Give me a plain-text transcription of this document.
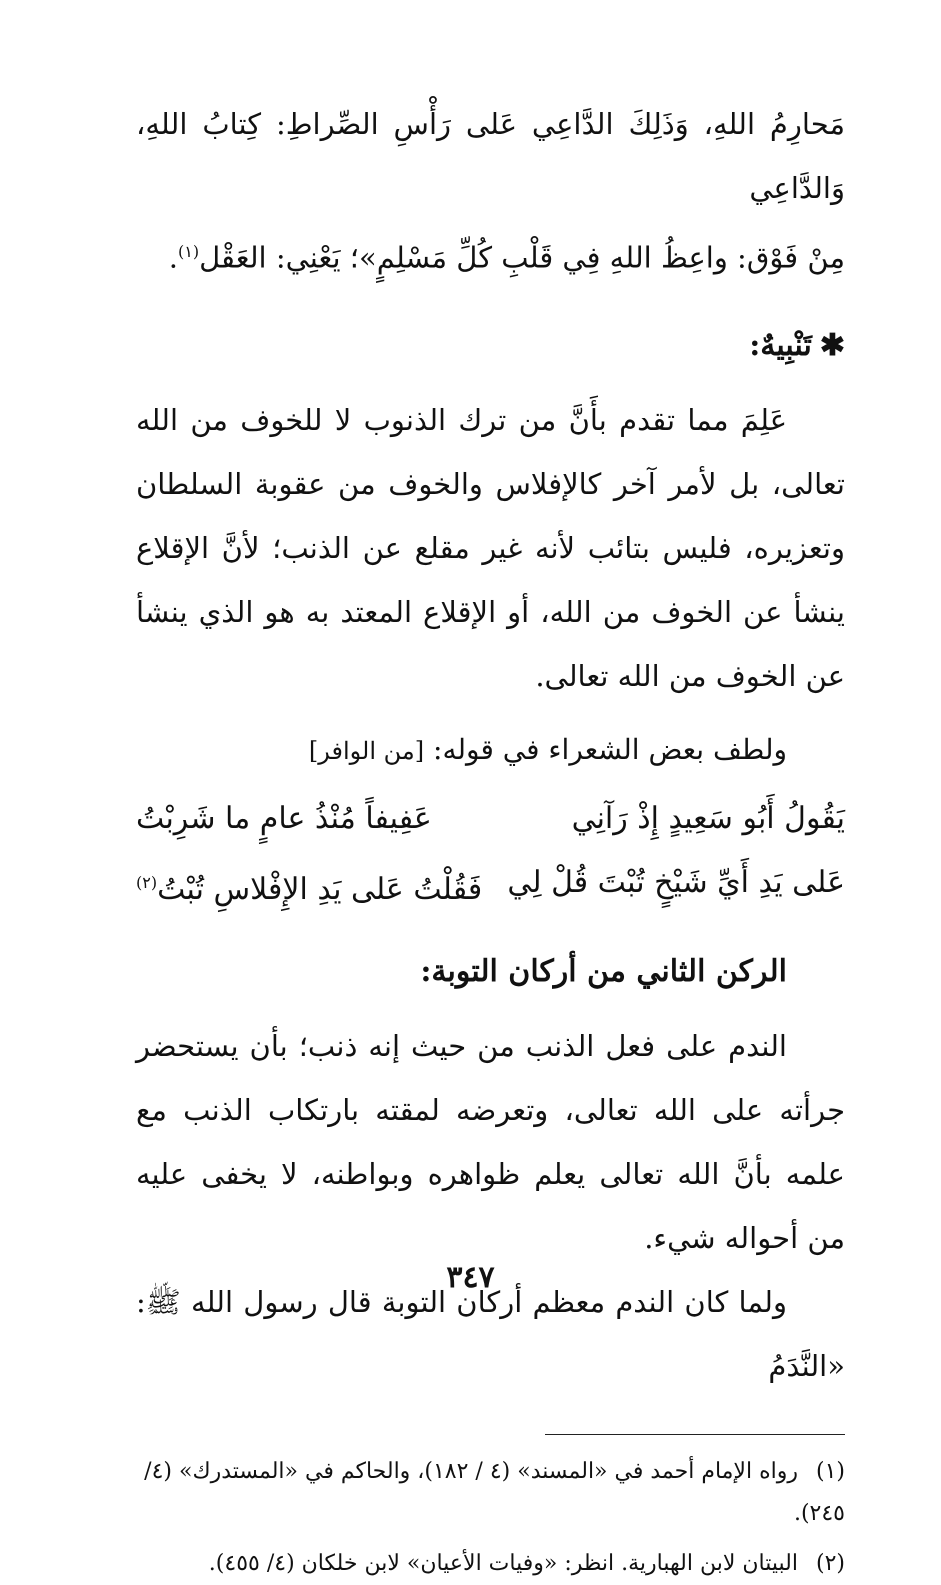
مَحارِمُ اللهِ، وَذَلِكَ الدَّاعِي عَلى رَأْسِ الصِّراطِ: كِتابُ اللهِ، وَالدَّاعِي

مِنْ فَوْق: واعِظُ اللهِ فِي قَلْبِ كُلِّ مَسْلِمٍ»؛ يَعْنِي: العَقْل$^{(١)}$.

✱تَنْبِيهٌ:

عَلِمَ مما تقدم بأَنَّ من ترك الذنوب لا للخوف من الله تعالى، بل لأمر آخر كالإفلاس والخوف من عقوبة السلطان وتعزيره، فليس بتائب لأنه غير مقلع عن الذنب؛ لأنَّ الإقلاع ينشأ عن الخوف من الله، أو الإقلاع المعتد به هو الذي ينشأ عن الخوف من الله تعالى.

ولطف بعض الشعراء في قوله: [من الوافر]

يَقُولُ أَبُو سَعِيدٍ إِذْ رَآنِي
عَفِيفاً مُنْذُ عامٍ ما شَرِبْتُ
عَلى يَدِ أَيِّ شَيْخٍ تُبْتَ قُلْ لِي
فَقُلْتُ عَلى يَدِ الإِفْلاسِ تُبْتُ$^{(٢)}$

الركن الثاني من أركان التوبة:

الندم على فعل الذنب من حيث إنه ذنب؛ بأن يستحضر جرأته على الله تعالى، وتعرضه لمقته بارتكاب الذنب مع علمه بأنَّ الله تعالى يعلم ظواهره وبواطنه، لا يخفى عليه من أحواله شيء.

ولما كان الندم معظم أركان التوبة قال رسول الله ﷺ: «النَّدَمُ

(١)رواه الإمام أحمد في «المسند» (٤ / ١٨٢)، والحاكم في «المستدرك» (٤/ ٢٤٥).

(٢)البيتان لابن الهبارية. انظر: «وفيات الأعيان» لابن خلكان (٤/ ٤٥٥).

٣٤٧
